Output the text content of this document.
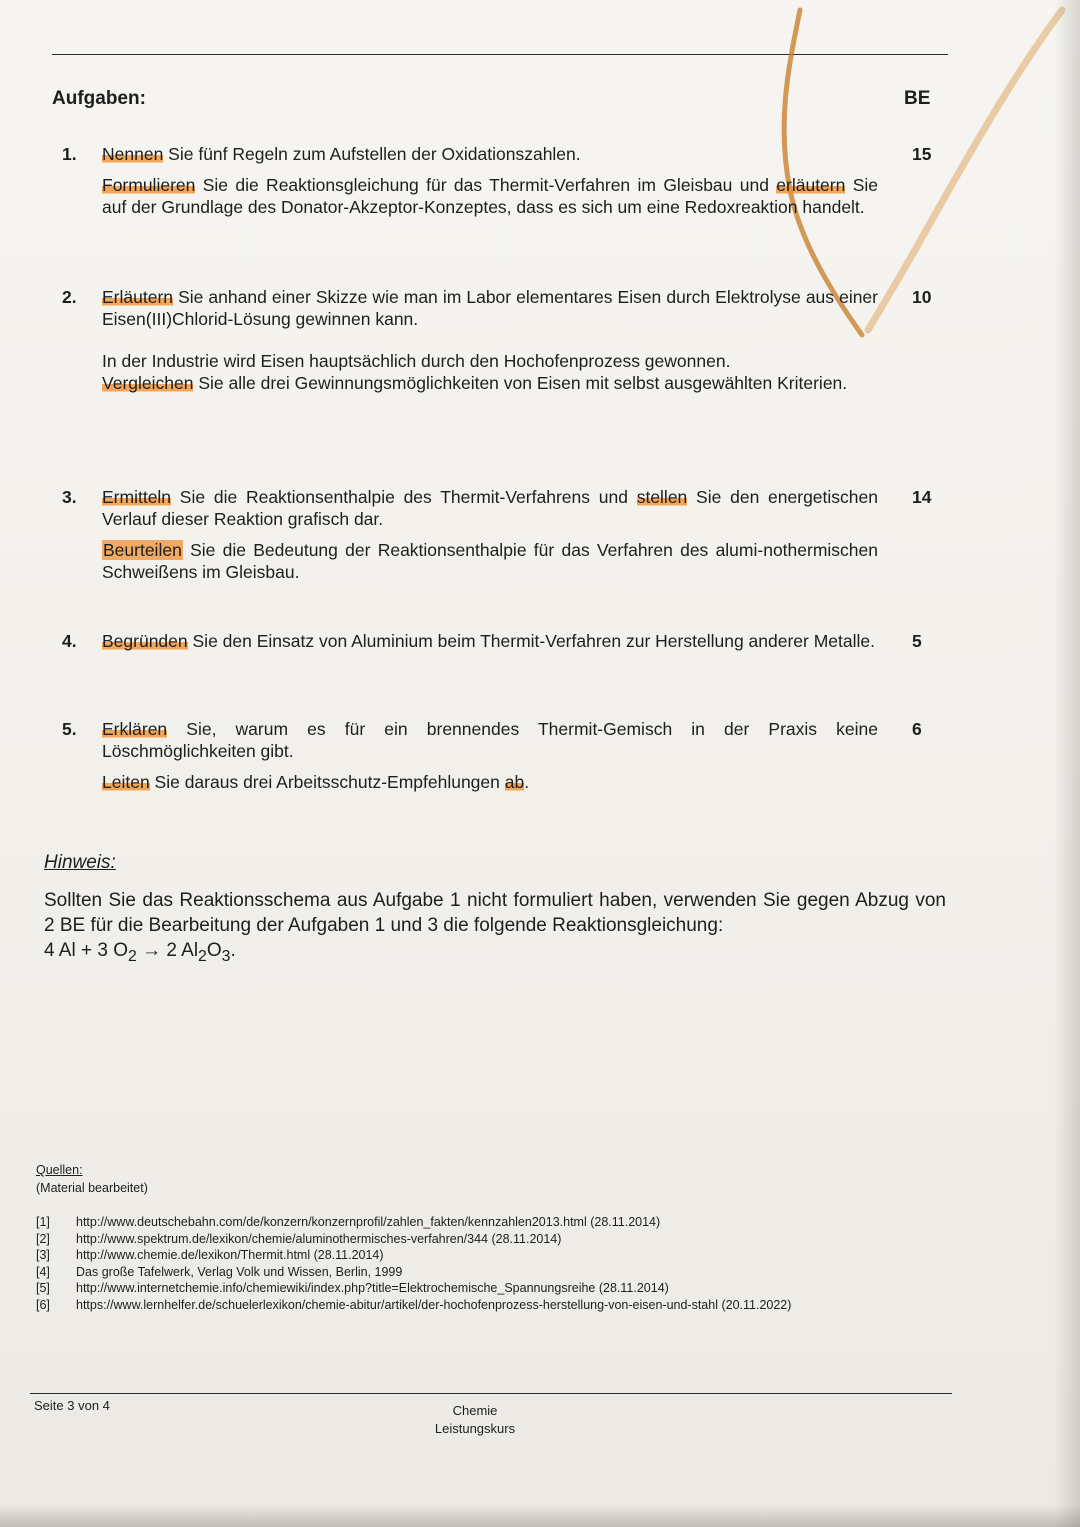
Aufgaben:	BE
1. Nennen Sie fünf Regeln zum Aufstellen der Oxidationszahlen.

Formulieren Sie die Reaktionsgleichung für das Thermit-Verfahren im Gleisbau und erläutern Sie auf der Grundlage des Donator-Akzeptor-Konzeptes, dass es sich um eine Redoxreaktion handelt.

15
2. Erläutern Sie anhand einer Skizze wie man im Labor elementares Eisen durch Elektrolyse aus einer Eisen(III)Chlorid-Lösung gewinnen kann.

In der Industrie wird Eisen hauptsächlich durch den Hochofenprozess gewonnen.
Vergleichen Sie alle drei Gewinnungsmöglichkeiten von Eisen mit selbst ausgewählten Kriterien.

10
3. Ermitteln Sie die Reaktionsenthalpie des Thermit-Verfahrens und stellen Sie den energetischen Verlauf dieser Reaktion grafisch dar.

Beurteilen Sie die Bedeutung der Reaktionsenthalpie für das Verfahren des alumi-nothermischen Schweißens im Gleisbau.

14
4. Begründen Sie den Einsatz von Aluminium beim Thermit-Verfahren zur Herstellung anderer Metalle. 5
5. Erklären Sie, warum es für ein brennendes Thermit-Gemisch in der Praxis keine Löschmöglichkeiten gibt.

Leiten Sie daraus drei Arbeitsschutz-Empfehlungen ab.

6
Hinweis:
Sollten Sie das Reaktionsschema aus Aufgabe 1 nicht formuliert haben, verwenden Sie gegen Abzug von 2 BE für die Bearbeitung der Aufgaben 1 und 3 die folgende Reaktionsgleichung:
4 Al + 3 $O_2 \to 2$ $Al_2O_3$.
Quellen:
(Material bearbeitet)
[1] http://www.deutschebahn.com/de/konzern/konzernprofil/zahlen_fakten/kennzahlen2013.html (28.11.2014)
[2] http://www.spektrum.de/lexikon/chemie/aluminothermisches-verfahren/344 (28.11.2014)
[3] http://www.chemie.de/lexikon/Thermit.html (28.11.2014)
[4] Das große Tafelwerk, Verlag Volk und Wissen, Berlin, 1999
[5] http://www.internetchemie.info/chemiewiki/index.php?title=Elektrochemische_Spannungsreihe (28.11.2014)
[6] https://www.lernhelfer.de/schuelerlexikon/chemie-abitur/artikel/der-hochofenprozess-herstellung-von-eisen-und-stahl (20.11.2022)
Seite 3 von 4	Chemie
Leistungskurs
